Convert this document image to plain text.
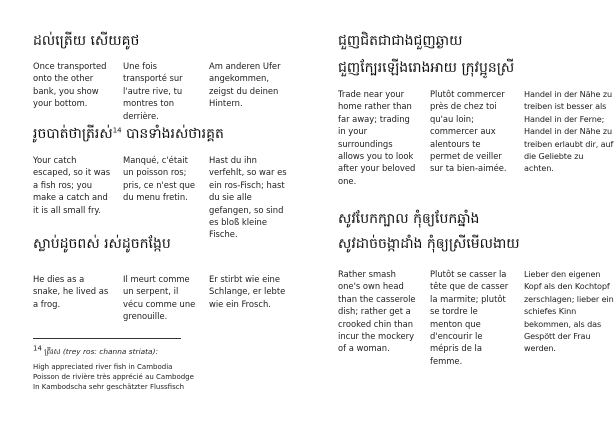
ដល់ត្រើយ សើយគូថ
Once transported onto the other bank, you show your bottom.
Une fois transporté sur l'autre rive, tu montres ton derrière.
Am anderen Ufer angekommen, zeigst du deinen Hintern.
រូចបាត់ថាត្រីរស់$^{14}$ បានទាំងរស់ថារគ្គត
Your catch escaped, so it was a fish ros; you make a catch and it is all small fry.
Manqué, c'était un poisson ros; pris, ce n'est que du menu fretin.
Hast du ihn verfehlt, so war es ein ros-Fisch; hast du sie alle gefangen, so sind es bloß kleine Fische.
ស្លាប់ដូចពស់ រស់ដូចកង្កែប
He dies as a snake, he lived as a frog.
Il meurt comme un serpent, il vécu comme une grenouille.
Er stirbt wie eine Schlange, er lebte wie ein Frosch.
14 ត្រីរស (trey ros: channa striata):
High appreciated river fish in Cambodia
Poisson de rivière très apprécié au Cambodge
In Kambodscha sehr geschätzter Flussfisch
ជួញជិតជាជាងជួញឆ្ងាយ
ជួញក្បែរឡើងរោងអាយ ក្រុវប្អូនស្រី
Trade near your home rather than far away; trading in your surroundings allows you to look after your beloved one.
Plutôt commercer près de chez toi qu'au loin; commercer aux alentours te permet de veiller sur ta bien-aimée.
Handel in der Nähe zu treiben ist besser als Handel in der Ferne; Handel in der Nähe zu treiben erlaubt dir, auf die Geliebte zu achten.
សូវបែកក្បាល កុំឲ្យបែកឆ្នាំង
សូវដាច់ចង្កាដាំង កុំឲ្យស្រីមើលងាយ
Rather smash one's own head than the casserole dish; rather get a crooked chin than incur the mockery of a woman.
Plutôt se casser la tête que de casser la marmite; plutôt se tordre le menton que d'encourir le mépris de la femme.
Lieber den eigenen Kopf als den Kochtopf zerschlagen; lieber ein schiefes Kinn bekommen, als das Gespött der Frau werden.
